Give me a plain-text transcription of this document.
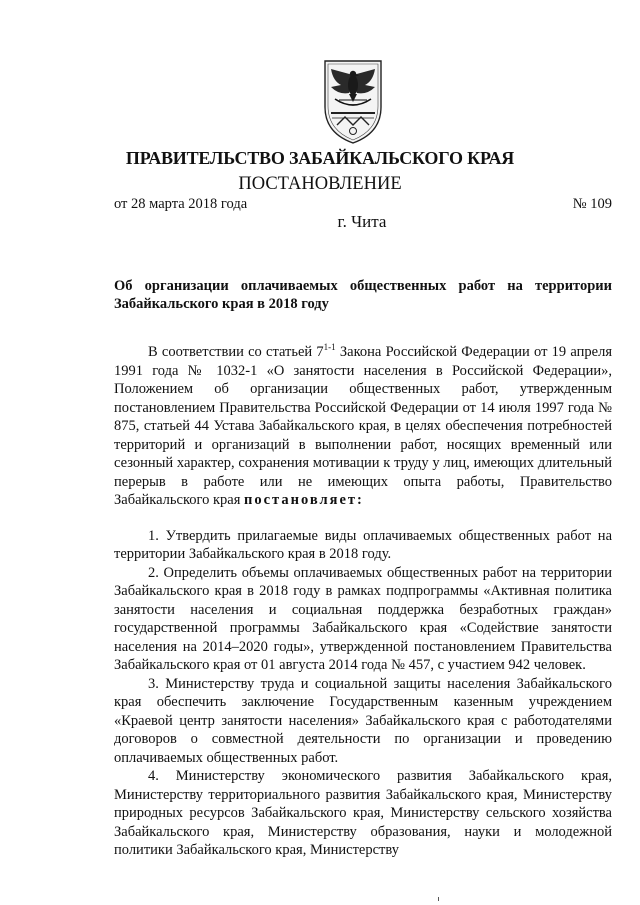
ПРАВИТЕЛЬСТВО ЗАБАЙКАЛЬСКОГО КРАЯ
ПОСТАНОВЛЕНИЕ
от 28 марта 2018 года	№ 109
г. Чита
Об организации оплачиваемых общественных работ на территории Забайкальского края в 2018 году

В соответствии со статьей 7$^{1-1}$ Закона Российской Федерации от 19 апреля 1991 года № 1032-1 «О занятости населения в Российской Федерации», Положением об организации общественных работ, утвержденным постановлением Правительства Российской Федерации от 14 июля 1997 года № 875, статьей 44 Устава Забайкальского края, в целях обеспечения потребностей территорий и организаций в выполнении работ, носящих временный или сезонный характер, сохранения мотивации к труду у лиц, имеющих длительный перерыв в работе или не имеющих опыта работы, Правительство Забайкальского края постановляет:

1. Утвердить прилагаемые виды оплачиваемых общественных работ на территории Забайкальского края в 2018 году.

2. Определить объемы оплачиваемых общественных работ на территории Забайкальского края в 2018 году в рамках подпрограммы «Активная политика занятости населения и социальная поддержка безработных граждан» государственной программы Забайкальского края «Содействие занятости населения на 2014–2020 годы», утвержденной постановлением Правительства Забайкальского края от 01 августа 2014 года № 457, с участием 942 человек.

3. Министерству труда и социальной защиты населения Забайкальского края обеспечить заключение Государственным казенным учреждением «Краевой центр занятости населения» Забайкальского края с работодателями договоров о совместной деятельности по организации и проведению оплачиваемых общественных работ.

4. Министерству экономического развития Забайкальского края, Министерству территориального развития Забайкальского края, Министерству природных ресурсов Забайкальского края, Министерству сельского хозяйства Забайкальского края, Министерству образования, науки и молодежной политики Забайкальского края, Министерству
